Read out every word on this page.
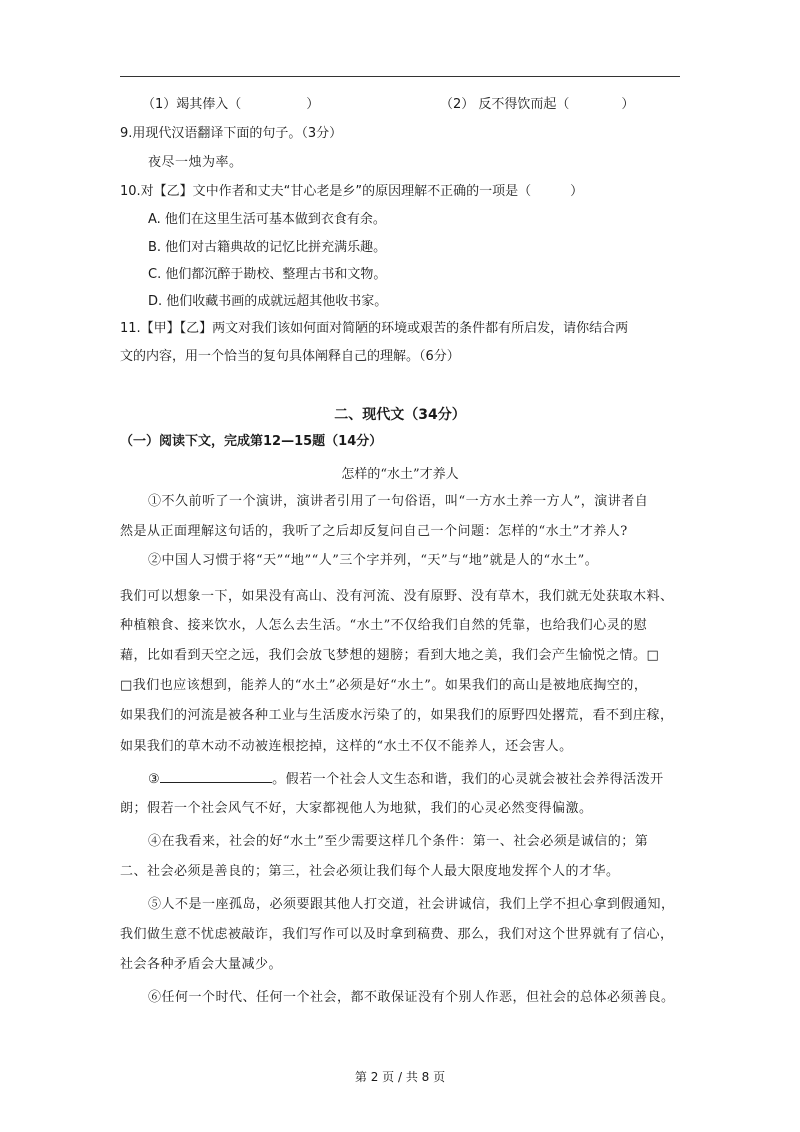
（1）竭其俸入（　　　　　）	（2） 反不得饮而起（　　　　）
9.用现代汉语翻译下面的句子。（3分）
夜尽一烛为率。
10.对【乙】文中作者和丈夫“甘心老是乡”的原因理解不正确的一项是（　　　）
A. 他们在这里生活可基本做到衣食有余。
B. 他们对古籍典故的记忆比拼充满乐趣。
C. 他们都沉醉于勘校、整理古书和文物。
D. 他们收藏书画的成就远超其他收书家。
11.【甲】【乙】两文对我们该如何面对简陋的环境或艰苦的条件都有所启发，请你结合两
文的内容，用一个恰当的复句具体阐释自己的理解。（6分）
二、现代文（34分）
（一）阅读下文，完成第12—15题（14分）
怎样的“水土”才养人
①不久前听了一个演讲，演讲者引用了一句俗语，叫“一方水土养一方人”，演讲者自
然是从正面理解这句话的，我听了之后却反复问自己一个问题：怎样的“水土”才养人?
②中国人习惯于将“天”“地”“人”三个字并列，“天”与“地”就是人的“水土”。
我们可以想象一下，如果没有高山、没有河流、没有原野、没有草木，我们就无处获取木料、
种植粮食、接来饮水，人怎么去生活。“水土”不仅给我们自然的凭靠，也给我们心灵的慰
藉，比如看到天空之远，我们会放飞梦想的翅膀；看到大地之美，我们会产生愉悦之情。□
□我们也应该想到，能养人的“水土”必须是好“水土”。如果我们的高山是被地底掏空的，
如果我们的河流是被各种工业与生活废水污染了的，如果我们的原野四处撂荒，看不到庄稼，
如果我们的草木动不动被连根挖掉，这样的“水土不仅不能养人，还会害人。
③	。假若一个社会人文生态和谐，我们的心灵就会被社会养得活泼开
朗；假若一个社会风气不好，大家都视他人为地狱，我们的心灵必然变得偏激。
④在我看来，社会的好“水土”至少需要这样几个条件：第一、社会必须是诚信的；第
二、社会必须是善良的；第三，社会必须让我们每个人最大限度地发挥个人的才华。
⑤人不是一座孤岛，必须要跟其他人打交道，社会讲诚信，我们上学不担心拿到假通知，
我们做生意不忧虑被敲诈，我们写作可以及时拿到稿费、那么，我们对这个世界就有了信心，
社会各种矛盾会大量减少。
⑥任何一个时代、任何一个社会，都不敢保证没有个别人作恶，但社会的总体必须善良。
第 2 页 / 共 8 页
